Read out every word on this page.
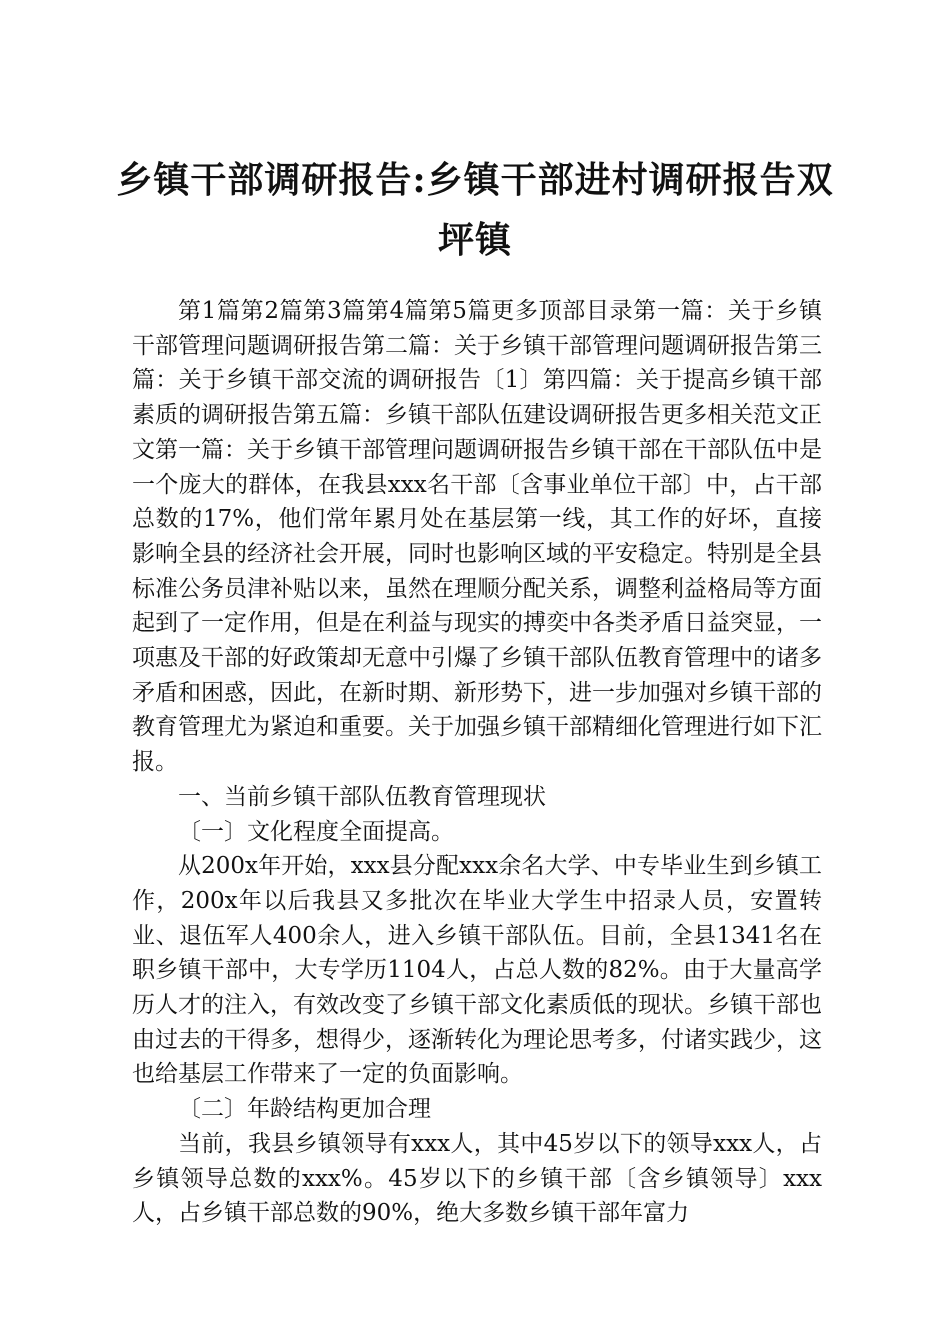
乡镇干部调研报告:乡镇干部进村调研报告双坪镇

第1篇第2篇第3篇第4篇第5篇更多顶部目录第一篇：关于乡镇干部管理问题调研报告第二篇：关于乡镇干部管理问题调研报告第三篇：关于乡镇干部交流的调研报告〔1〕第四篇：关于提高乡镇干部素质的调研报告第五篇：乡镇干部队伍建设调研报告更多相关范文正文第一篇：关于乡镇干部管理问题调研报告乡镇干部在干部队伍中是一个庞大的群体，在我县xxx名干部〔含事业单位干部〕中，占干部总数的17%，他们常年累月处在基层第一线，其工作的好坏，直接影响全县的经济社会开展，同时也影响区域的平安稳定。特别是全县标准公务员津补贴以来，虽然在理顺分配关系，调整利益格局等方面起到了一定作用，但是在利益与现实的搏奕中各类矛盾日益突显，一项惠及干部的好政策却无意中引爆了乡镇干部队伍教育管理中的诸多矛盾和困惑，因此，在新时期、新形势下，进一步加强对乡镇干部的教育管理尤为紧迫和重要。关于加强乡镇干部精细化管理进行如下汇报。

一、当前乡镇干部队伍教育管理现状

〔一〕文化程度全面提高。

从200x年开始，xxx县分配xxx余名大学、中专毕业生到乡镇工作，200x年以后我县又多批次在毕业大学生中招录人员，安置转业、退伍军人400余人，进入乡镇干部队伍。目前，全县1341名在职乡镇干部中，大专学历1104人，占总人数的82%。由于大量高学历人才的注入，有效改变了乡镇干部文化素质低的现状。乡镇干部也由过去的干得多，想得少，逐渐转化为理论思考多，付诸实践少，这也给基层工作带来了一定的负面影响。

〔二〕年龄结构更加合理

当前，我县乡镇领导有xxx人，其中45岁以下的领导xxx人，占乡镇领导总数的xxx%。45岁以下的乡镇干部〔含乡镇领导〕xxx人，占乡镇干部总数的90%，绝大多数乡镇干部年富力
